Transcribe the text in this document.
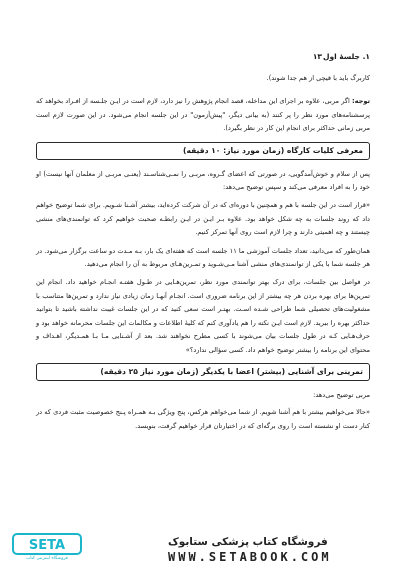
۱. جلسۀ اول
۱۳

کاربرگ باید با قیچی از هم جدا شوند).

توجه: اگر مربی، علاوه بر اجرای این مداخله، قصد انجام پژوهش را نیز دارد، لازم است در ایـن جلـسه از افـراد بخواهد که پرسشنامه‌های مورد نظر را پر کنند (به بیانی دیگر، "پیش‌آزمون" در این جلسه انجام می‌شود. در این صورت لازم است مربی زمانی حداکثر برای انجام این کار در نظر بگیرد).

معرفی کلیات کارگاه (زمان مورد نیاز: ۱۰ دقیقه)

پس از سلام و خوش‌آمدگویی، در صورتی که اعضای گـروه، مربـی را نمـی‌شناسـند (یعنـی مربـی از معلمان آنها نیست) او خود را به افراد معرفی می‌کند و سپس توضیح می‌دهد:

«قرار است در این جلسه با هم و همچنین با دوره‌ای که در آن شرکت کرده‌اید، بیشتر آشـنا شـویم. برای شما توضیح خواهم داد که روند جلسات به چه شکل خواهد بود. علاوه بـر ایـن در ایـن رابطـه صحبت خواهیم کرد که توانمندی‌های منشی چیستند و چه اهمیتی دارند و چرا لازم است روی آنها تمرکز کنیم.

همان‌طور که می‌دانید، تعداد جلسات آموزشی ما ۱۱ جلسه است که هفته‌ای یک بار، بـه مـدت دو ساعت برگزار می‌شود. در هر جلسه شما با یکی از توانمندی‌های منشی آشنا مـی‌شـوید و تمـرین‌هـای مربوط به آن را انجام می‌دهید.

در فواصل بین جلسات، برای درک بهتر توانمندی مورد نظر، تمرین‌هـایی در طـول هفتـه انجـام خواهید داد. انجام این تمرین‌ها برای بهره بردن هر چه بیشتر از این برنامه ضروری است. انجـام آنهـا زمان زیادی نیاز ندارد و تمرین‌ها متناسب با مشغولیت‌های تحصیلی شما طراحی شـده اسـت. بهتـر است سعی کنید که در این جلسات غیبت نداشته باشید تا بتوانید حداکثر بهره را ببرید. لازم است ایـن نکته را هم یادآوری کنم که کلیۀ اطلاعات و مکالمات این جلسات محرمانه خواهد بود و حرف‌هـایی کـه در طول جلسات بیان می‌شوند با کسی مطرح نخواهند شد. بعد از آشـنایی مـا بـا همـدیگر، اهـداف و محتوای این برنامه را بیشتر توضیح خواهم داد. کسی سؤالی ندارد؟»

تمرینی برای آشنایی (بیشتر) اعضا با یکدیگر (زمان مورد نیاز ۲۵ دقیقه)

مربی توضیح می‌دهد:

«حالا می‌خواهیم بیشتر با هم آشنا شویم. از شما می‌خواهم هرکس، پنج ویژگی بـه همـراه پـنج خصوصیت مثبت فردی که در کنار دست او نشسته است را روی برگه‌ای که در اختیارتان قرار خواهیم گرفت، بنویسد.

SETA
فروشگاه اینترنتی کتاب
فروشگاه کتاب پزشکی ستابوک
WWW.SETABOOK.COM
